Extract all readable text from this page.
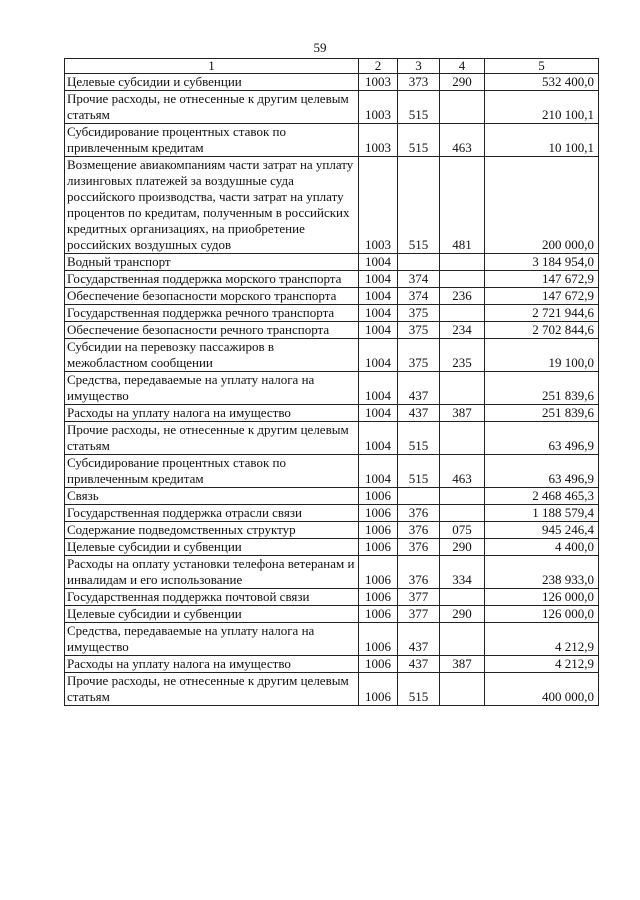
59
1	2	3	4	5
Целевые субсидии и субвенции	1003	373	290	532 400,0
Прочие расходы, не отнесенные к другим целевым статьям	1003	515		210 100,1
Субсидирование процентных ставок по привлеченным кредитам	1003	515	463	10 100,1
Возмещение авиакомпаниям части затрат на уплату лизинговых платежей за воздушные суда российского производства, части затрат на уплату процентов по кредитам, полученным в российских кредитных организациях, на приобретение российских воздушных судов	1003	515	481	200 000,0
Водный транспорт	1004			3 184 954,0
Государственная поддержка морского транспорта	1004	374		147 672,9
Обеспечение безопасности морского транспорта	1004	374	236	147 672,9
Государственная поддержка речного транспорта	1004	375		2 721 944,6
Обеспечение безопасности речного транспорта	1004	375	234	2 702 844,6
Субсидии на перевозку пассажиров в межобластном сообщении	1004	375	235	19 100,0
Средства, передаваемые на уплату налога на имущество	1004	437		251 839,6
Расходы на уплату налога на имущество	1004	437	387	251 839,6
Прочие расходы, не отнесенные к другим целевым статьям	1004	515		63 496,9
Субсидирование процентных ставок по привлеченным кредитам	1004	515	463	63 496,9
Связь	1006			2 468 465,3
Государственная поддержка отрасли связи	1006	376		1 188 579,4
Содержание подведомственных структур	1006	376	075	945 246,4
Целевые субсидии и субвенции	1006	376	290	4 400,0
Расходы на оплату установки телефона ветеранам и инвалидам и его использование	1006	376	334	238 933,0
Государственная поддержка почтовой связи	1006	377		126 000,0
Целевые субсидии и субвенции	1006	377	290	126 000,0
Средства, передаваемые на уплату налога на имущество	1006	437		4 212,9
Расходы на уплату налога на имущество	1006	437	387	4 212,9
Прочие расходы, не отнесенные к другим целевым статьям	1006	515		400 000,0
